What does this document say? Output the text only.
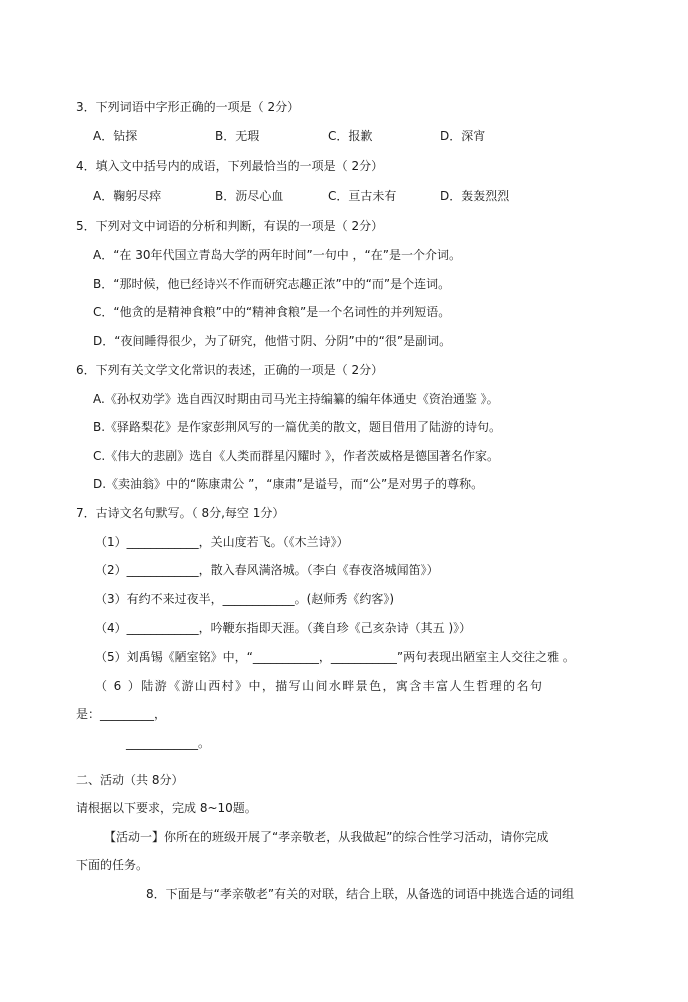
3．下列词语中字形正确的一项是（ 2分）
A．钻探	B．无瑕	C．报歉	D．深宵
4．填入文中括号内的成语，下列最恰当的一项是（ 2分）
A．鞠躬尽瘁	B．沥尽心血	C．亘古未有	D．轰轰烈烈
5．下列对文中词语的分析和判断，有误的一项是（ 2分）
A．“在 30年代国立青岛大学的两年时间”一句中 ，“在”是一个介词。
B．“那时候，他已经诗兴不作而研究志趣正浓”中的“而”是个连词。
C．“他贪的是精神食粮”中的“精神食粮”是一个名词性的并列短语。
D．“夜间睡得很少，为了研究，他惜寸阴、分阴”中的“很”是副词。
6．下列有关文学文化常识的表述，正确的一项是（ 2分）
A.《孙权劝学》选自西汉时期由司马光主持编纂的编年体通史《资治通鉴 》。
B.《驿路梨花》是作家彭荆风写的一篇优美的散文，题目借用了陆游的诗句。
C.《伟大的悲剧》选自《人类而群星闪耀时 》，作者茨威格是德国著名作家。
D.《卖油翁》中的“陈康肃公 ”，“康肃”是谥号，而“公”是对男子的尊称。
7．古诗文名句默写。（ 8分,每空 1分）
（1）____________，关山度若飞。（《木兰诗》）
（2）____________，散入春风满洛城。（李白《春夜洛城闻笛》）
（3）有约不来过夜半，____________。(赵师秀《约客》)
（4）____________，吟鞭东指即天涯。（龚自珍《己亥杂诗（其五 )》）
（5）刘禹锡《陋室铭》中，“___________，___________”两句表现出陋室主人交往之雅 。
（ 6 ）陆游《游山西村》中，描写山间水畔景色，寓含丰富人生哲理的名句
是：_________，
____________。
二、活动（共 8分）
请根据以下要求，完成 8~10题。
【活动一】你所在的班级开展了“孝亲敬老，从我做起”的综合性学习活动，请你完成
下面的任务。
8．下面是与“孝亲敬老”有关的对联，结合上联，从备选的词语中挑选合适的词组
